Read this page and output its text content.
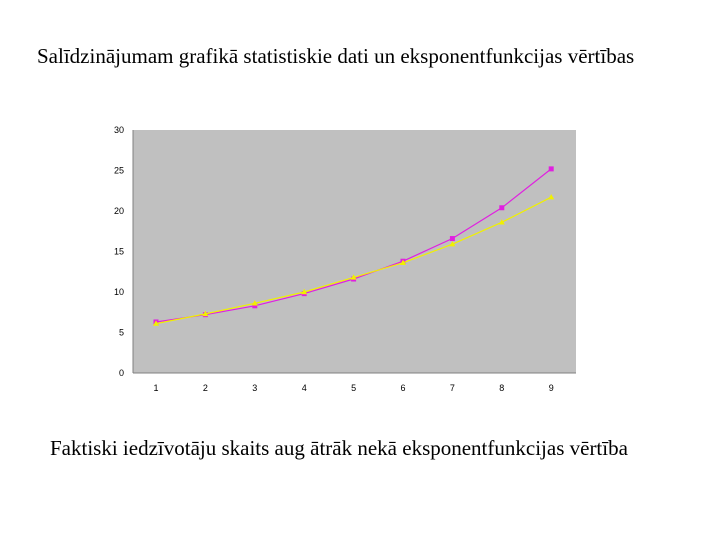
Salīdzinājumam grafikā statistiskie dati un eksponentfunkcijas vērtības
0
5
10
15
20
25
30
1	2	3	4	5	6	7	8	9
Faktiski iedzīvotāju skaits aug ātrāk nekā eksponentfunkcijas vērtība
